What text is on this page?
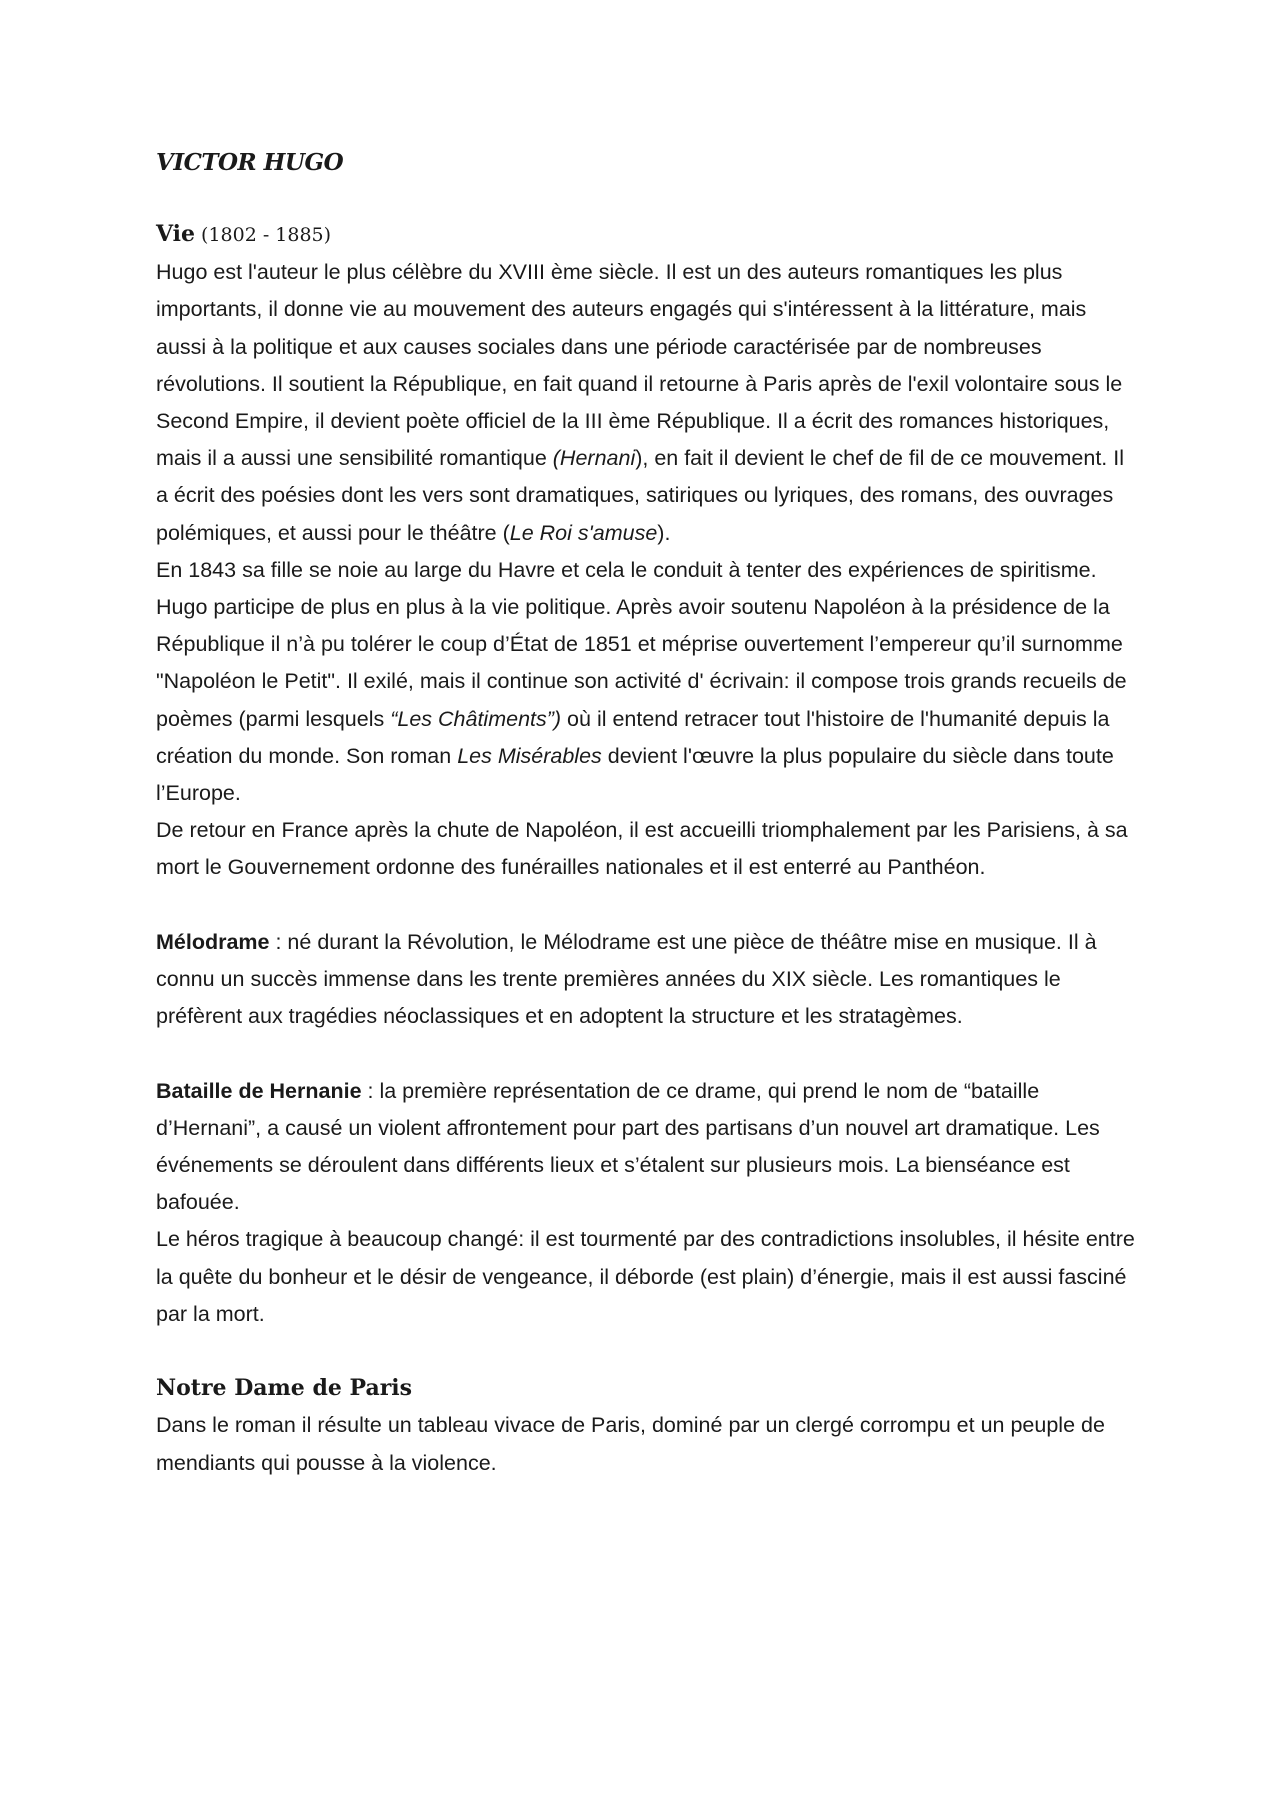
VICTOR HUGO

Vie (1802 - 1885)
Hugo est l'auteur le plus célèbre du XVIII ème siècle. Il est un des auteurs romantiques les plus importants, il donne vie au mouvement des auteurs engagés qui s'intéressent à la littérature, mais aussi à la politique et aux causes sociales dans une période caractérisée par de nombreuses révolutions. Il soutient la République, en fait quand il retourne à Paris après de l'exil volontaire sous le Second Empire, il devient poète officiel de la III ème République. Il a écrit des romances historiques, mais il a aussi une sensibilité romantique (Hernani), en fait il devient le chef de fil de ce mouvement. Il a écrit des poésies dont les vers sont dramatiques, satiriques ou lyriques, des romans, des ouvrages polémiques, et aussi pour le théâtre (Le Roi s'amuse).

En 1843 sa fille se noie au large du Havre et cela le conduit à tenter des expériences de spiritisme.

Hugo participe de plus en plus à la vie politique. Après avoir soutenu Napoléon à la présidence de la République il n’à pu tolérer le coup d’État de 1851 et méprise ouvertement l’empereur qu’il surnomme "Napoléon le Petit". Il exilé, mais il continue son activité d' écrivain: il compose trois grands recueils de poèmes (parmi lesquels “Les Châtiments”) où il entend retracer tout l'histoire de l'humanité depuis la création du monde. Son roman Les Misérables devient l'œuvre la plus populaire du siècle dans toute l’Europe.

De retour en France après la chute de Napoléon, il est accueilli triomphalement par les Parisiens, à sa mort le Gouvernement ordonne des funérailles nationales et il est enterré au Panthéon.

Mélodrame : né durant la Révolution, le Mélodrame est une pièce de théâtre mise en musique. Il à connu un succès immense dans les trente premières années du XIX siècle. Les romantiques le préfèrent aux tragédies néoclassiques et en adoptent la structure et les stratagèmes.

Bataille de Hernanie : la première représentation de ce drame, qui prend le nom de “bataille d’Hernani”, a causé un violent affrontement pour part des partisans d’un nouvel art dramatique. Les événements se déroulent dans différents lieux et s’étalent sur plusieurs mois. La bienséance est bafouée.

Le héros tragique à beaucoup changé: il est tourmenté par des contradictions insolubles, il hésite entre la quête du bonheur et le désir de vengeance, il déborde (est plain) d’énergie, mais il est aussi fasciné par la mort.

Notre Dame de Paris
Dans le roman il résulte un tableau vivace de Paris, dominé par un clergé corrompu et un peuple de mendiants qui pousse à la violence.
